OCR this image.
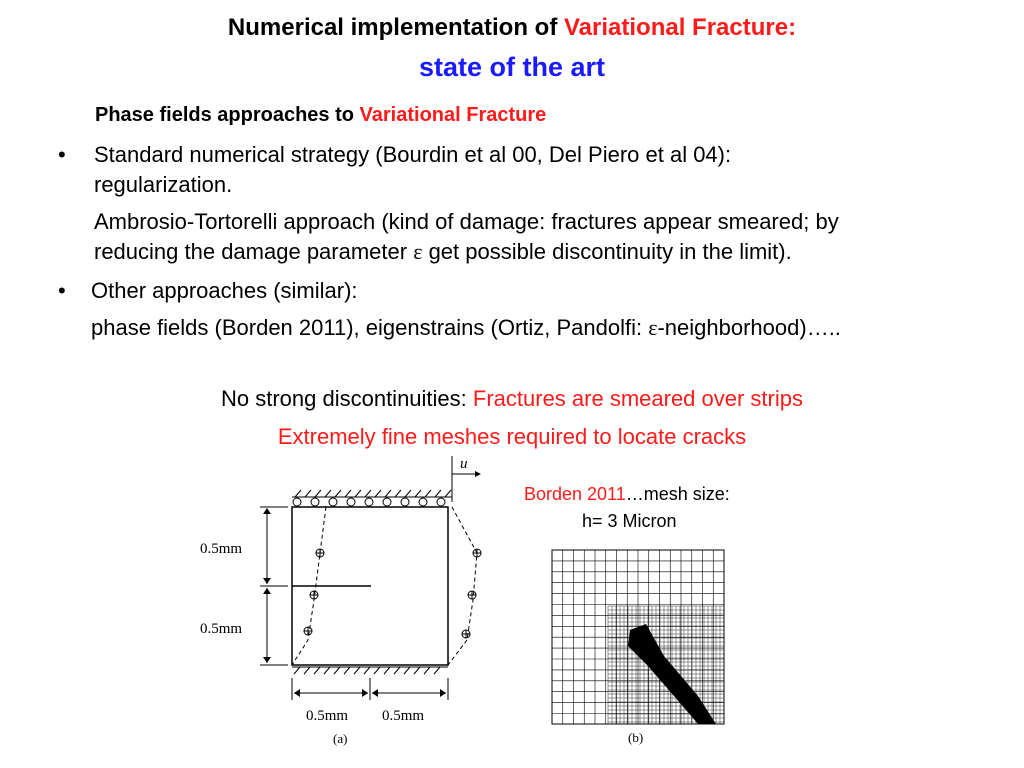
Numerical implementation of Variational Fracture:
state of the art
Phase fields approaches to Variational Fracture
• Standard numerical strategy (Bourdin et al 00, Del Piero et al 04):
regularization.
Ambrosio-Tortorelli approach (kind of damage: fractures appear smeared; by
reducing the damage parameter ε get possible discontinuity in the limit).
• Other approaches (similar):
phase fields (Borden 2011), eigenstrains (Ortiz, Pandolfi: ε-neighborhood)…..
No strong discontinuities: Fractures are smeared over strips
Extremely fine meshes required to locate cracks
u
0.5mm
0.5mm
0.5mm 0.5mm
(a)
Borden 2011…mesh size:
h= 3 Micron
(b)
